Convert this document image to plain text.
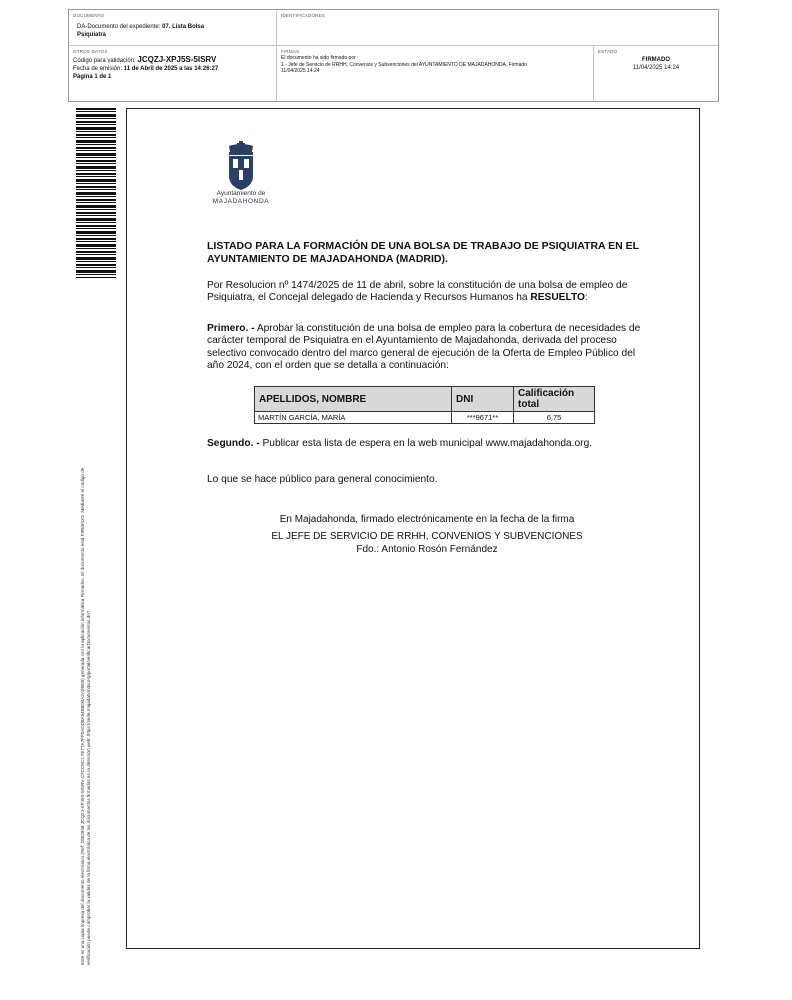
DOCUMENTO
DA-Documento del expediente: 07. Lista Bolsa
Psiquiatra
IDENTIFICADORES
OTROS DATOS
Código para validación: JCQZJ-XPJ5S-5ISRV
Fecha de emisión: 11 de Abril de 2025 a las 14:26:27
Página 1 de 1
FIRMAS
El documento ha sido firmado por :
1.- Jefe de Servicio de RRHH, Convenios y Subvenciones del AYUNTAMIENTO DE MAJADAHONDA. Firmado
11/04/2025 14:24
ESTADO
FIRMADO
11/04/2025 14:24
Este es una copia impresa del documento electrónico (Ref: 2582948 JCQZJ-XPJ5S-5ISRV C7CC8C1 7E77A7FF0ADD8A54B8D0A2A05EB) generada con la aplicación informática Firmadoc. El documento está FIRMADO. Mediante el código de verificación puede comprobar la validez de la firma electrónica de los documentos firmados en la dirección web: https://sede.majadahonda.org/portal/verificarDocumentos.do?
Ayuntamiento de
MAJADAHONDA
LISTADO PARA LA FORMACIÓN DE UNA BOLSA DE TRABAJO DE PSIQUIATRA EN EL AYUNTAMIENTO DE MAJADAHONDA (MADRID).
Por Resolucion nº 1474/2025 de 11 de abril, sobre la constitución de una bolsa de empleo de Psiquiatra, el Concejal delegado de Hacienda y Recursos Humanos ha RESUELTO:
Primero. - Aprobar la constitución de una bolsa de empleo para la cobertura de necesidades de carácter temporal de Psiquiatra en el Ayuntamiento de Majadahonda, derivada del proceso selectivo convocado dentro del marco general de ejecución de la Oferta de Empleo Público del año 2024, con el orden que se detalla a continuación:
APELLIDOS, NOMBRE	DNI	Calificación total
MARTÍN GARCÍA, MARÍA	***9671**	6,75
Segundo. - Publicar esta lista de espera en la web municipal www.majadahonda.org.
Lo que se hace público para general conocimiento.
En Majadahonda, firmado electrónicamente en la fecha de la firma
EL JEFE DE SERVICIO DE RRHH, CONVENIOS Y SUBVENCIONES
Fdo.: Antonio Rosón Fernández
